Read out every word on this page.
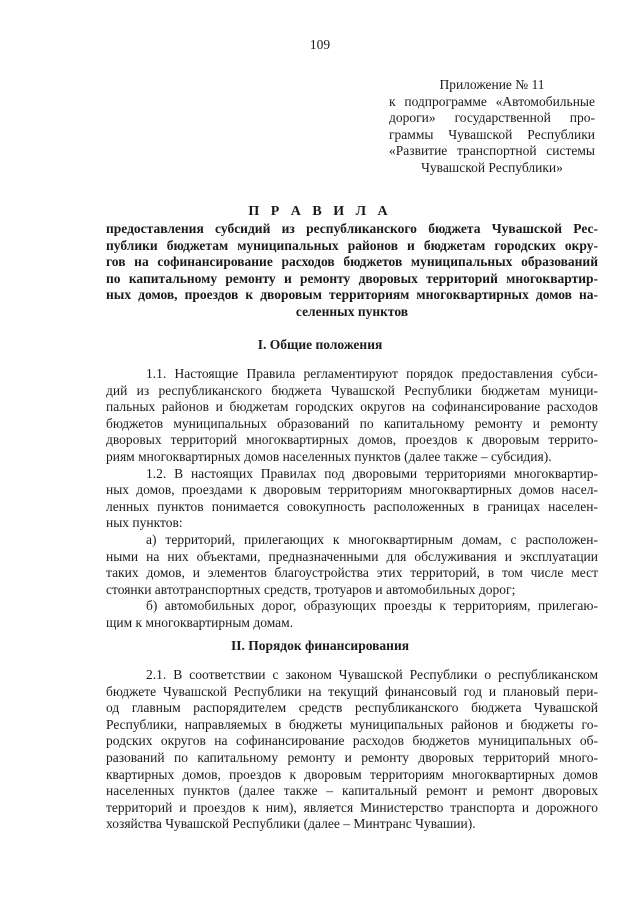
109
Приложение № 11
к подпрограмме «Автомобильные
дороги» государственной про-
граммы Чувашской Республики
«Развитие транспортной системы
Чувашской Республики»
П Р А В И Л А
предоставления субсидий из республиканского бюджета Чувашской Рес-
публики бюджетам муниципальных районов и бюджетам городских окру-
гов на софинансирование расходов бюджетов муниципальных образований
по капитальному ремонту и ремонту дворовых территорий многоквартир-
ных домов, проездов к дворовым территориям многоквартирных домов на-
селенных пунктов
I. Общие положения
1.1. Настоящие Правила регламентируют порядок предоставления субси-
дий из республиканского бюджета Чувашской Республики бюджетам муници-
пальных районов и бюджетам городских округов на софинансирование расходов
бюджетов муниципальных образований по капитальному ремонту и ремонту
дворовых территорий многоквартирных домов, проездов к дворовым террито-
риям многоквартирных домов населенных пунктов (далее также – субсидия).
1.2. В настоящих Правилах под дворовыми территориями многоквартир-
ных домов, проездами к дворовым территориям многоквартирных домов насел-
ленных пунктов понимается совокупность расположенных в границах населен-
ных пунктов:
а) территорий, прилегающих к многоквартирным домам, с расположен-
ными на них объектами, предназначенными для обслуживания и эксплуатации
таких домов, и элементов благоустройства этих территорий, в том числе мест
стоянки автотранспортных средств, тротуаров и автомобильных дорог;
б) автомобильных дорог, образующих проезды к территориям, прилегаю-
щим к многоквартирным домам.
II. Порядок финансирования
2.1. В соответствии с законом Чувашской Республики о республиканском
бюджете Чувашской Республики на текущий финансовый год и плановый пери-
од главным распорядителем средств республиканского бюджета Чувашской
Республики, направляемых в бюджеты муниципальных районов и бюджеты го-
родских округов на софинансирование расходов бюджетов муниципальных об-
разований по капитальному ремонту и ремонту дворовых территорий много-
квартирных домов, проездов к дворовым территориям многоквартирных домов
населенных пунктов (далее также – капитальный ремонт и ремонт дворовых
территорий и проездов к ним), является Министерство транспорта и дорожного
хозяйства Чувашской Республики (далее – Минтранс Чувашии).
